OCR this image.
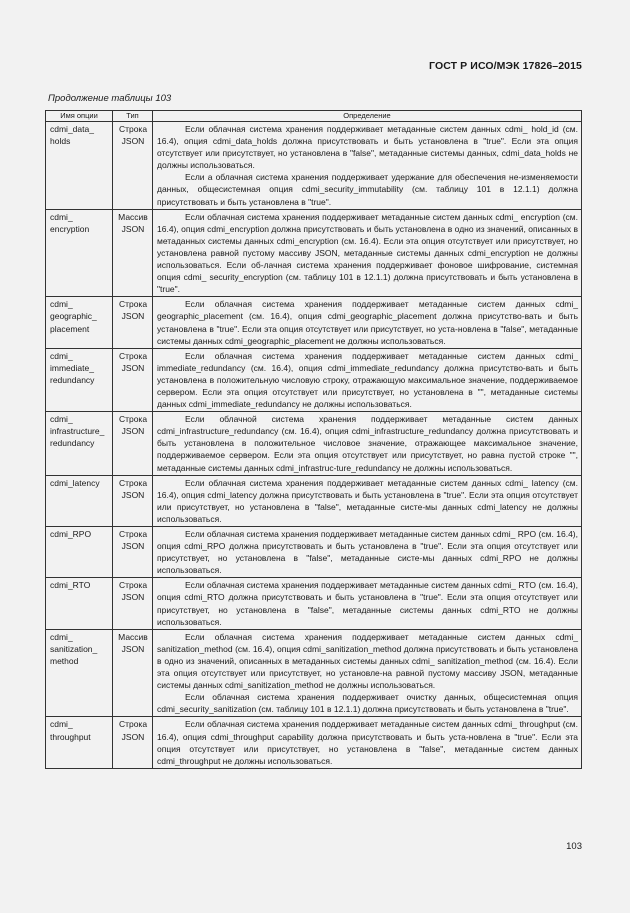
ГОСТ Р ИСО/МЭК 17826–2015
Продолжение таблицы 103
Имя опции	Тип	Определение
cdmi_data_ holds	Строка JSON	Если облачная система хранения поддерживает метаданные систем данных cdmi_ hold_id (см. 16.4), опция cdmi_data_holds должна присутствовать и быть установлена в "true". Если эта опция отсутствует или присутствует, но установлена в "false", метаданные системы данных, cdmi_data_holds не должны использоваться.

Если а облачная система хранения поддерживает удержание для обеспечения не-изменяемости данных, общесистемная опция cdmi_security_immutability (см. таблицу 101 в 12.1.1) должна присутствовать и быть установлена в "true".

cdmi_ encryption	Массив JSON	Если облачная система хранения поддерживает метаданные систем данных cdmi_ encryption (см. 16.4), опция cdmi_encryption должна присутствовать и быть установлена в одно из значений, описанных в метаданных системы данных cdmi_encryption (см. 16.4). Если эта опция отсутствует или присутствует, но установлена равной пустому массиву JSON, метаданные системы данных cdmi_encryption не должны использоваться. Если об-лачная система хранения поддерживает фоновое шифрование, системная опция cdmi_ security_encryption (см. таблицу 101 в 12.1.1) должна присутствовать и быть установлена в "true".

cdmi_ geographic_ placement	Строка JSON	Если облачная система хранения поддерживает метаданные систем данных cdmi_ geographic_placement (см. 16.4), опция cdmi_geographic_placement должна присутство-вать и быть установлена в "true". Если эта опция отсутствует или присутствует, но уста-новлена в "false", метаданные системы данных cdmi_geographic_placement не должны использоваться.

cdmi_ immediate_ redundancy	Строка JSON	Если облачная система хранения поддерживает метаданные систем данных cdmi_ immediate_redundancy (см. 16.4), опция cdmi_immediate_redundancy должна присутство-вать и быть установлена в положительную числовую строку, отражающую максимальное значение, поддерживаемое сервером. Если эта опция отсутствует или присутствует, но установлена в "", метаданные системы данных cdmi_immediate_redundancy не должны использоваться.

cdmi_ infrastructure_ redundancy	Строка JSON	Если облачной система хранения поддерживает метаданные систем данных cdmi_infrastructure_redundancy (см. 16.4), опция cdmi_infrastructure_redundancy должна присутствовать и быть установлена в положительное числовое значение, отражающее максимальное значение, поддерживаемое сервером. Если эта опция отсутствует или присутствует, но равна пустой строке "", метаданные системы данных cdmi_infrastruc-ture_redundancy не должны использоваться.

cdmi_latency	Строка JSON	Если облачная система хранения поддерживает метаданные систем данных cdmi_ latency (см. 16.4), опция cdmi_latency должна присутствовать и быть установлена в "true". Если эта опция отсутствует или присутствует, но установлена в "false", метаданные систе-мы данных cdmi_latency не должны использоваться.

cdmi_RPO	Строка JSON	Если облачная система хранения поддерживает метаданные систем данных cdmi_ RPO (см. 16.4), опция cdmi_RPO должна присутствовать и быть установлена в "true". Если эта опция отсутствует или присутствует, но установлена в "false", метаданные систе-мы данных cdmi_RPO не должны использоваться.

cdmi_RTO	Строка JSON	Если облачная система хранения поддерживает метаданные систем данных cdmi_ RTO (см. 16.4), опция cdmi_RTO должна присутствовать и быть установлена в "true". Если эта опция отсутствует или присутствует, но установлена в "false", метаданные системы данных cdmi_RTO не должны использоваться.

cdmi_ sanitization_ method	Массив JSON	Если облачная система хранения поддерживает метаданные систем данных cdmi_ sanitization_method (см. 16.4), опция cdmi_sanitization_method должна присутствовать и быть установлена в одно из значений, описанных в метаданных системы данных cdmi_ sanitization_method (см. 16.4). Если эта опция отсутствует или присутствует, но установле-на равной пустому массиву JSON, метаданные системы данных cdmi_sanitization_method не должны использоваться.

Если облачная система хранения поддерживает очистку данных, общесистемная опция cdmi_security_sanitization (см. таблицу 101 в 12.1.1) должна присутствовать и быть установлена в "true".

cdmi_ throughput	Строка JSON	Если облачная система хранения поддерживает метаданные систем данных cdmi_ throughput (см. 16.4), опция cdmi_throughput capability должна присутствовать и быть уста-новлена в "true". Если эта опция отсутствует или присутствует, но установлена в "false", метаданные систем данных cdmi_throughput не должны использоваться.

103
